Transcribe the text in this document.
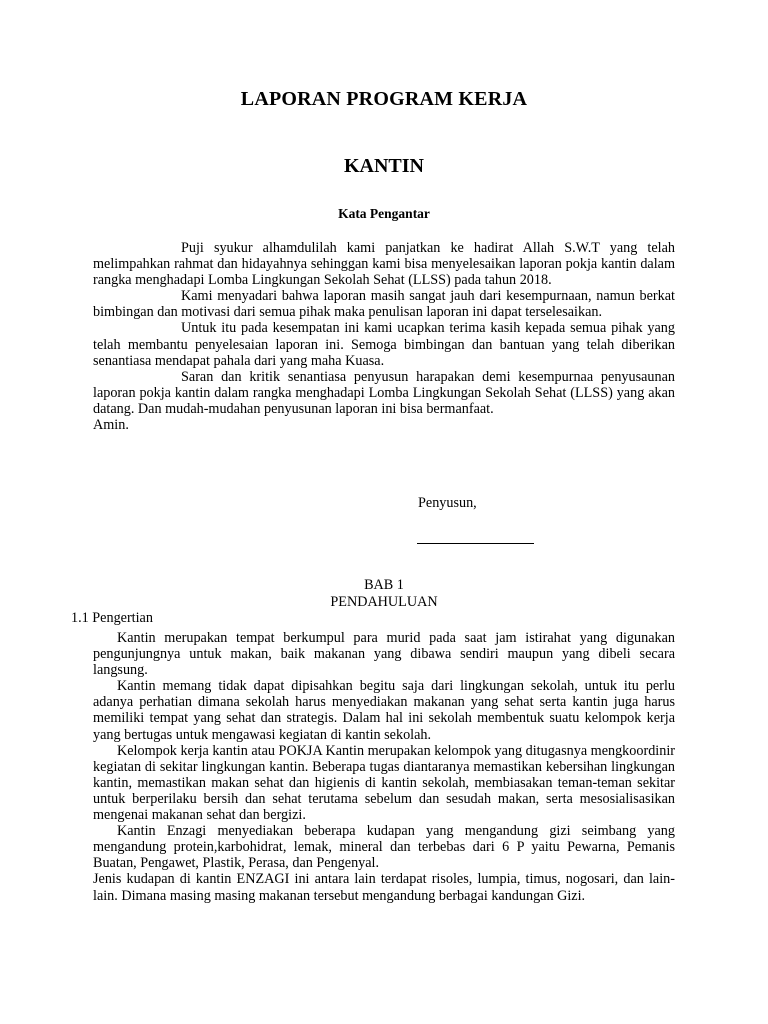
LAPORAN PROGRAM KERJA
KANTIN
Kata Pengantar

Puji syukur alhamdulilah kami panjatkan ke hadirat Allah S.W.T yang telah melimpahkan rahmat dan hidayahnya sehinggan kami bisa menyelesaikan laporan pokja kantin dalam rangka menghadapi Lomba Lingkungan Sekolah Sehat (LLSS) pada tahun 2018.

Kami menyadari bahwa laporan masih sangat jauh dari kesempurnaan, namun berkat bimbingan dan motivasi dari semua pihak maka penulisan laporan ini dapat terselesaikan.

Untuk itu pada kesempatan ini kami ucapkan terima kasih kepada semua pihak yang telah membantu penyelesaian laporan ini. Semoga bimbingan dan bantuan yang telah diberikan senantiasa mendapat pahala dari yang maha Kuasa.

Saran dan kritik senantiasa penyusun harapakan demi kesempurnaa penyusaunan laporan pokja kantin dalam rangka menghadapi Lomba Lingkungan Sekolah Sehat (LLSS) yang akan datang. Dan mudah-mudahan penyusunan laporan ini bisa bermanfaat.

Amin.

Penyusun,
BAB 1
PENDAHULUAN
1.1 Pengertian

Kantin merupakan tempat berkumpul para murid pada saat jam istirahat yang digunakan pengunjungnya untuk makan, baik makanan yang dibawa sendiri maupun yang dibeli secara langsung.

Kantin memang tidak dapat dipisahkan begitu saja dari lingkungan sekolah, untuk itu perlu adanya perhatian dimana sekolah harus menyediakan makanan yang sehat serta kantin juga harus memiliki tempat yang sehat dan strategis. Dalam hal ini sekolah membentuk suatu kelompok kerja yang bertugas untuk mengawasi kegiatan di kantin sekolah.

Kelompok kerja kantin atau POKJA Kantin merupakan kelompok yang ditugasnya mengkoordinir kegiatan di sekitar lingkungan kantin. Beberapa tugas diantaranya memastikan kebersihan lingkungan kantin, memastikan makan sehat dan higienis di kantin sekolah, membiasakan teman-teman sekitar untuk berperilaku bersih dan sehat terutama sebelum dan sesudah makan, serta mesosialisasikan mengenai makanan sehat dan bergizi.

Kantin Enzagi menyediakan beberapa kudapan yang mengandung gizi seimbang yang mengandung protein,karbohidrat, lemak, mineral dan terbebas dari 6 P yaitu Pewarna, Pemanis Buatan, Pengawet, Plastik, Perasa, dan Pengenyal.

Jenis kudapan di kantin ENZAGI ini antara lain terdapat risoles, lumpia, timus, nogosari, dan lain-lain. Dimana masing masing makanan tersebut mengandung berbagai kandungan Gizi.
